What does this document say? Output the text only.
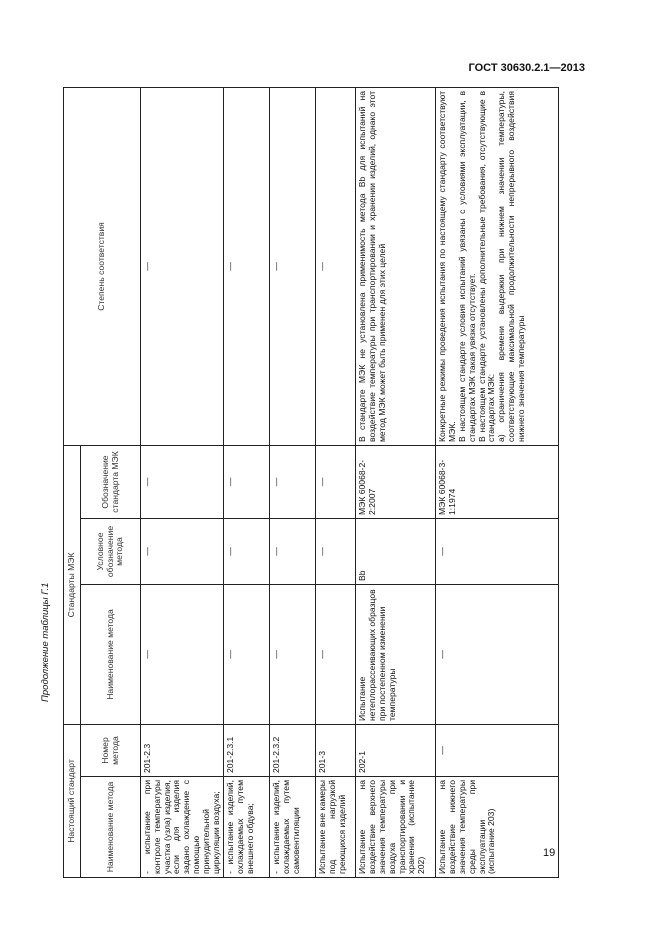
ГОСТ 30630.2.1—2013
Продолжение таблицы Г.1
19
Настоящий стандарт		Стандарты МЭК			Степень соответствия
Наименование метода	Номер метода	Наименование метода	Условное обозначение метода	Обозначение стандарта МЭК	
- испытание при контроле температуры участка (узла) изделия, если для изделия задано охлаждение с помощью принудительной циркуляции воздуха;	201-2.3	—	—	—	—
- испытание изделий, охлаждаемых путем внешнего обдува;	201-2.3.1	—	—	—	—
- испытание изделий, охлаждаемых путем самовентиляции	201-2.3.2	—	—	—	—
Испытание вне камеры под нагрузкой греющихся изделий	201-3	—	—	—	—
Испытание на воздействие верхнего значения температуры воздуха при транспортировании и хранении (испытание 202)	202-1	Испытание нетеплорассеивающих образцов при постепенном изменении температуры	Bb	МЭК 60068-2-2:2007	В стандарте МЭК не установлена применимость метода Bb для испытаний на воздействие температуры при транспортировании и хранении изделий, однако этот метод МЭК может быть применен для этих целей
Испытание на воздействие нижнего значения температуры среды при эксплуатации (испытание 203)	—	—	—	МЭК 60068-3-1:1974	Конкретные режимы проведения испытания по настоящему стандарту соответствуют МЭК. В настоящем стандарте условия испытаний увязаны с условиями эксплуатации, в стандартах МЭК такая увязка отсутствует. В настоящем стандарте установлены дополнительные требования, отсутствующие в стандартах МЭК: а) ограничения времени выдержки при нижнем значении температуры, соответствующие максимальной продолжительности непрерывного воздействия нижнего значения температуры
